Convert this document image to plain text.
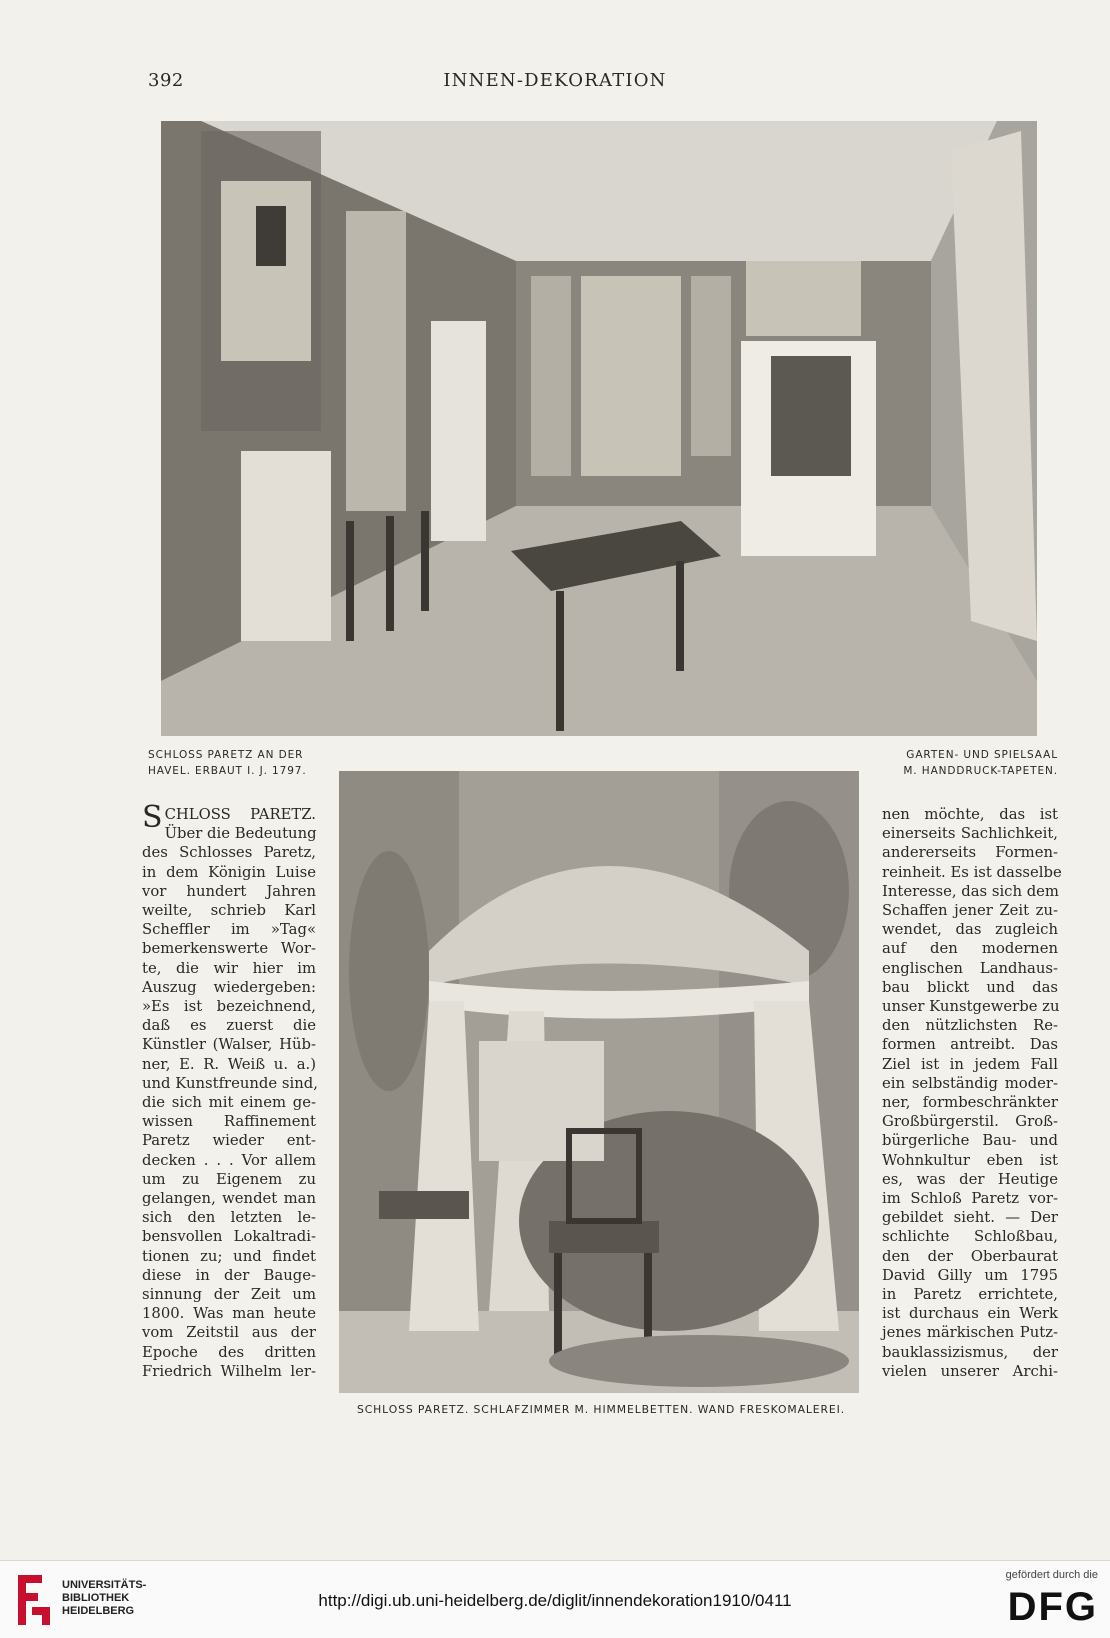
392	INNEN-DEKORATION
SCHLOSS PARETZ AN DER
HAVEL. ERBAUT I. J. 1797.
GARTEN- UND SPIELSAAL
M. HANDDRUCK-TAPETEN.
SCHLOSS PARETZ. SCHLAFZIMMER M. HIMMELBETTEN. WAND FRESKOMALEREI.
S CHLOSS PARETZ.
Über die Bedeutung
des Schlosses Paretz,
in dem Königin Luise
vor hundert Jahren
weilte, schrieb Karl
Scheffler im »Tag«
bemerkenswerte Wor-
te, die wir hier im
Auszug wiedergeben:
»Es ist bezeichnend,
daß es zuerst die
Künstler (Walser, Hüb-
ner, E. R. Weiß u. a.)
und Kunstfreunde sind,
die sich mit einem ge-
wissen Raffinement
Paretz wieder ent-
decken . . . Vor allem
um zu Eigenem zu
gelangen, wendet man
sich den letzten le-
bensvollen Lokaltradi-
tionen zu; und findet
diese in der Bauge-
sinnung der Zeit um
1800. Was man heute
vom Zeitstil aus der
Epoche des dritten
Friedrich Wilhelm ler-
nen möchte, das ist
einerseits Sachlichkeit,
andererseits Formen-
reinheit. Es ist dasselbe
Interesse, das sich dem
Schaffen jener Zeit zu-
wendet, das zugleich
auf den modernen
englischen Landhaus-
bau blickt und das
unser Kunstgewerbe zu
den nützlichsten Re-
formen antreibt. Das
Ziel ist in jedem Fall
ein selbständig moder-
ner, formbeschränkter
Großbürgerstil. Groß-
bürgerliche Bau- und
Wohnkultur eben ist
es, was der Heutige
im Schloß Paretz vor-
gebildet sieht. — Der
schlichte Schloßbau,
den der Oberbaurat
David Gilly um 1795
in Paretz errichtete,
ist durchaus ein Werk
jenes märkischen Putz-
bauklassizismus, der
vielen unserer Archi-
UNIVERSITÄTS-
BIBLIOTHEK
HEIDELBERG
http://digi.ub.uni-heidelberg.de/diglit/innendekoration1910/0411
gefördert durch die
DFG
